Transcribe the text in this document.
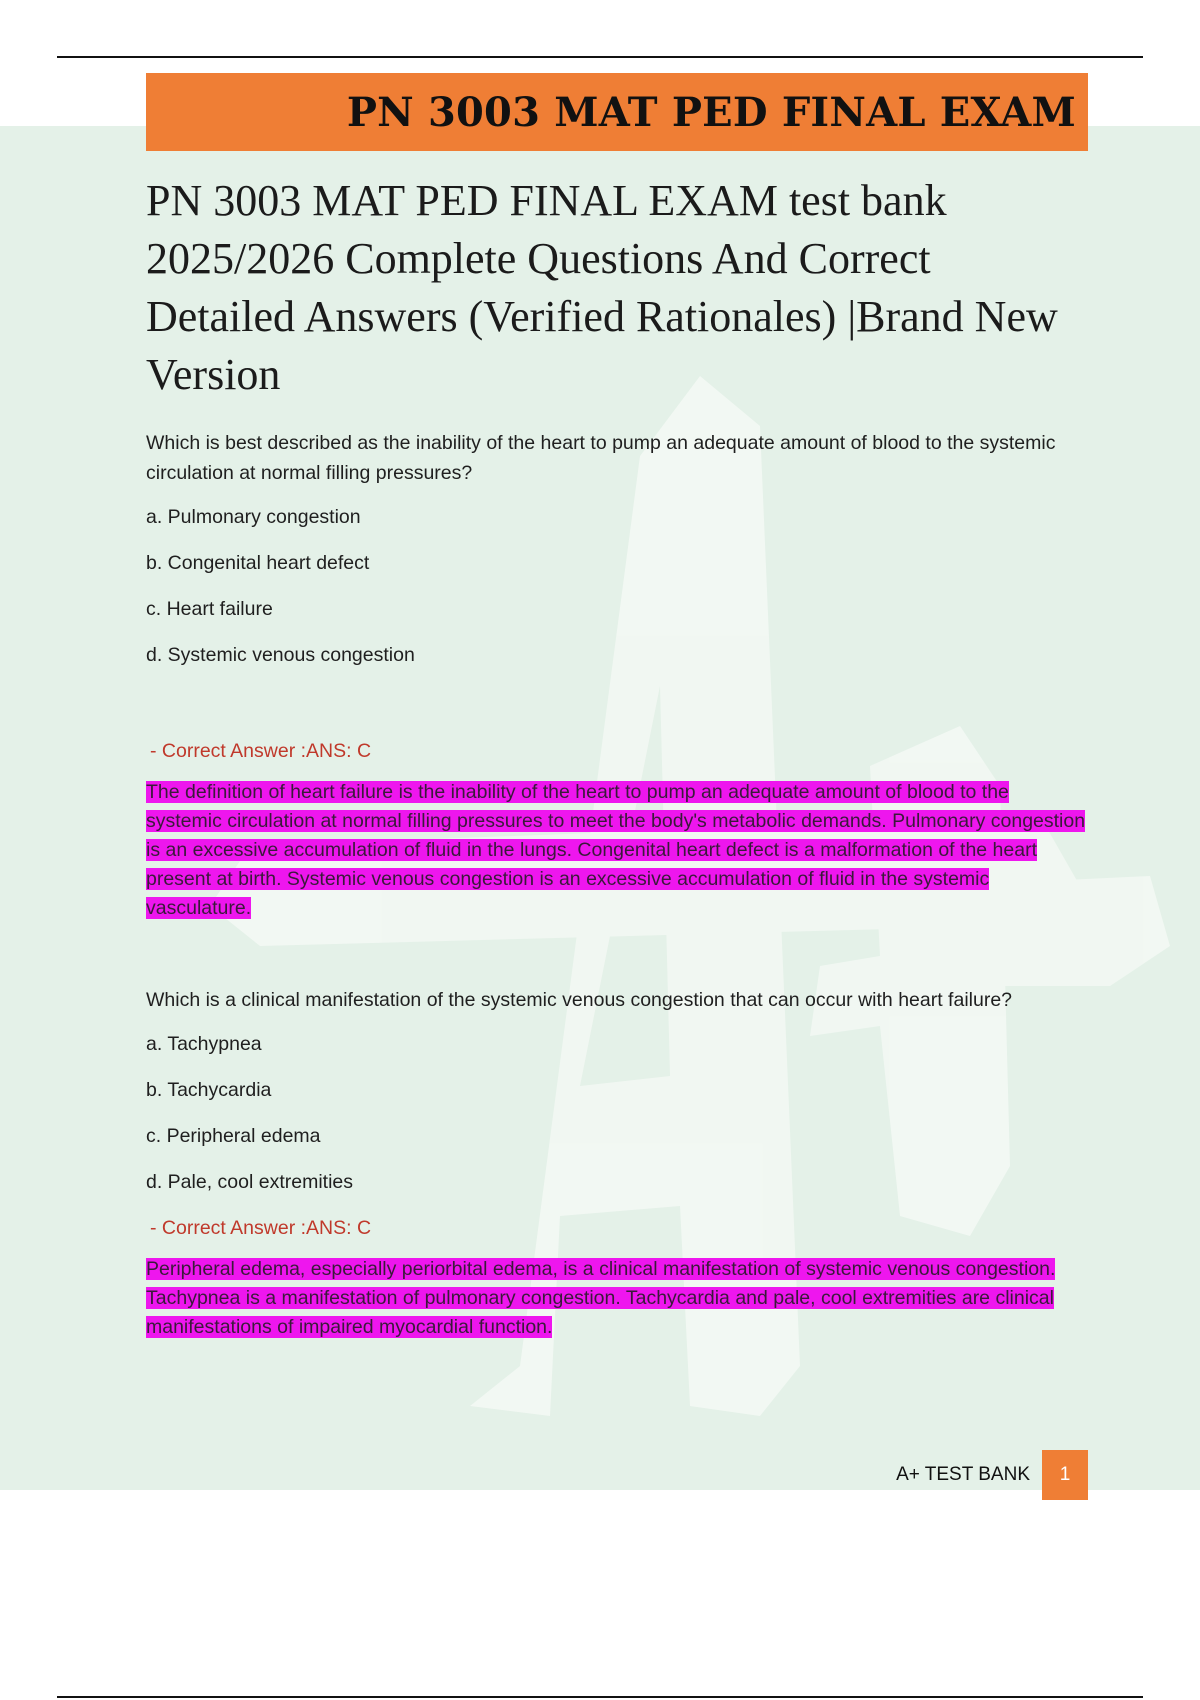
PN 3003 MAT PED FINAL EXAM
PN 3003 MAT PED FINAL EXAM test bank 2025/2026 Complete Questions And Correct Detailed Answers (Verified Rationales) |Brand New Version

Which is best described as the inability of the heart to pump an adequate amount of blood to the systemic circulation at normal filling pressures?

a. Pulmonary congestion

b. Congenital heart defect

c. Heart failure

d. Systemic venous congestion

- Correct Answer :ANS: C

The definition of heart failure is the inability of the heart to pump an adequate amount of blood to the systemic circulation at normal filling pressures to meet the body's metabolic demands. Pulmonary congestion is an excessive accumulation of fluid in the lungs. Congenital heart defect is a malformation of the heart present at birth. Systemic venous congestion is an excessive accumulation of fluid in the systemic vasculature.

Which is a clinical manifestation of the systemic venous congestion that can occur with heart failure?

a. Tachypnea

b. Tachycardia

c. Peripheral edema

d. Pale, cool extremities

- Correct Answer :ANS: C

Peripheral edema, especially periorbital edema, is a clinical manifestation of systemic venous congestion. Tachypnea is a manifestation of pulmonary congestion. Tachycardia and pale, cool extremities are clinical manifestations of impaired myocardial function.

A+ TEST BANK	1
